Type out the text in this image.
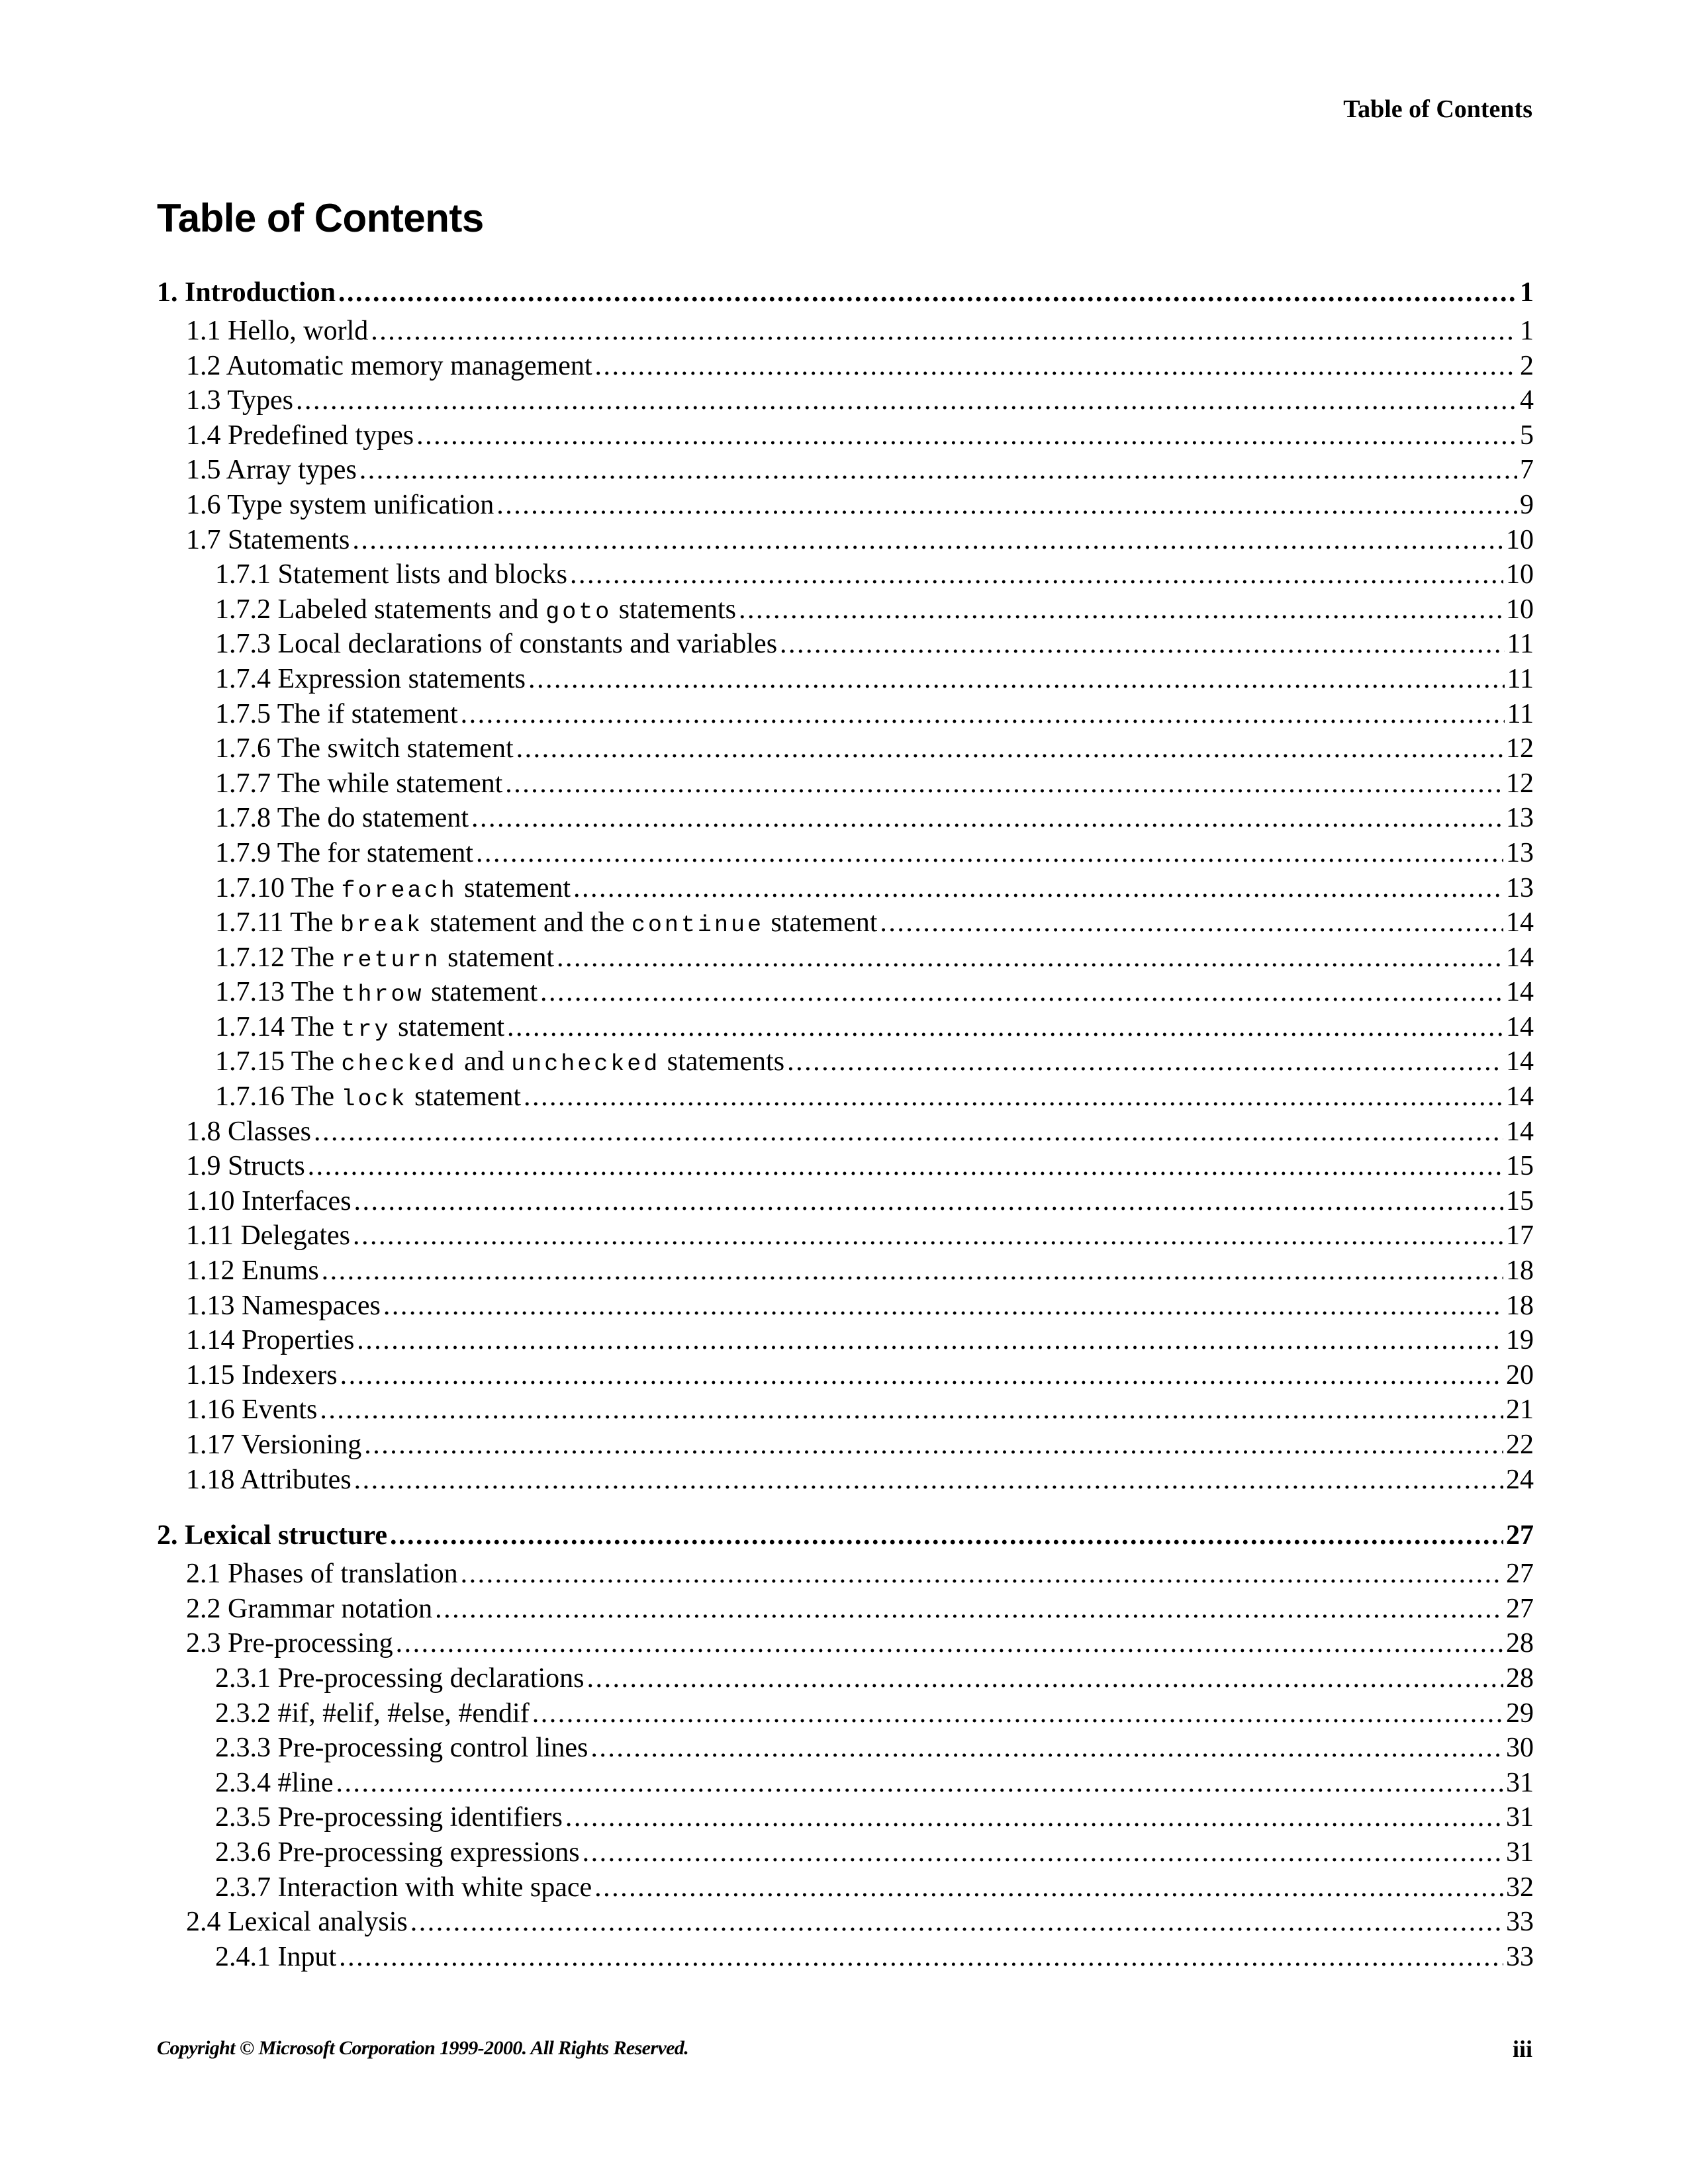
Table of Contents
Table of Contents
1. Introduction .....	1
1.1 Hello, world .....	1
1.2 Automatic memory management .....	2
1.3 Types .....	4
1.4 Predefined types .....	5
1.5 Array types .....	7
1.6 Type system unification .....	9
1.7 Statements .....	10
1.7.1 Statement lists and blocks .....	10
1.7.2 Labeled statements and goto statements .....	10
1.7.3 Local declarations of constants and variables .....	11
1.7.4 Expression statements .....	11
1.7.5 The if statement .....	11
1.7.6 The switch statement .....	12
1.7.7 The while statement .....	12
1.7.8 The do statement .....	13
1.7.9 The for statement .....	13
1.7.10 The foreach statement .....	13
1.7.11 The break statement and the continue statement .....	14
1.7.12 The return statement .....	14
1.7.13 The throw statement .....	14
1.7.14 The try statement .....	14
1.7.15 The checked and unchecked statements .....	14
1.7.16 The lock statement .....	14
1.8 Classes .....	14
1.9 Structs .....	15
1.10 Interfaces .....	15
1.11 Delegates .....	17
1.12 Enums .....	18
1.13 Namespaces .....	18
1.14 Properties .....	19
1.15 Indexers .....	20
1.16 Events .....	21
1.17 Versioning .....	22
1.18 Attributes .....	24
2. Lexical structure .....	27
2.1 Phases of translation .....	27
2.2 Grammar notation .....	27
2.3 Pre-processing .....	28
2.3.1 Pre-processing declarations .....	28
2.3.2 #if, #elif, #else, #endif .....	29
2.3.3 Pre-processing control lines .....	30
2.3.4 #line .....	31
2.3.5 Pre-processing identifiers .....	31
2.3.6 Pre-processing expressions .....	31
2.3.7 Interaction with white space .....	32
2.4 Lexical analysis .....	33
2.4.1 Input .....	33
Copyright © Microsoft Corporation 1999-2000. All Rights Reserved.	iii
